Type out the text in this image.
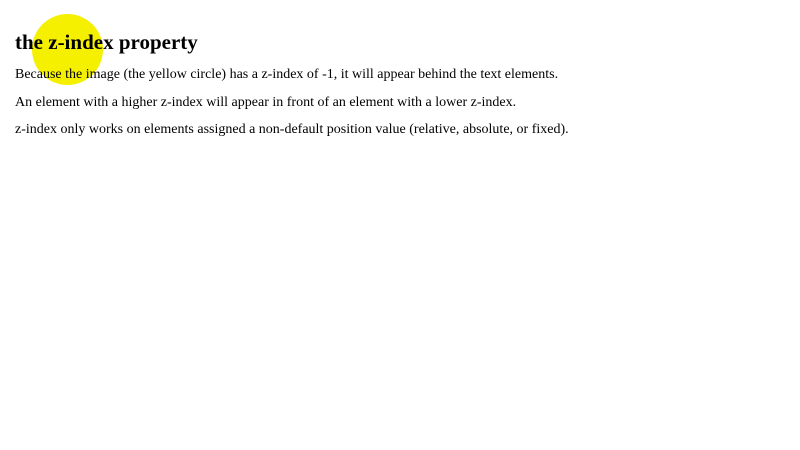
the z-index property

Because the image (the yellow circle) has a z-index of -1, it will appear behind the text elements.

An element with a higher z-index will appear in front of an element with a lower z-index.

z-index only works on elements assigned a non-default position value (relative, absolute, or fixed).
